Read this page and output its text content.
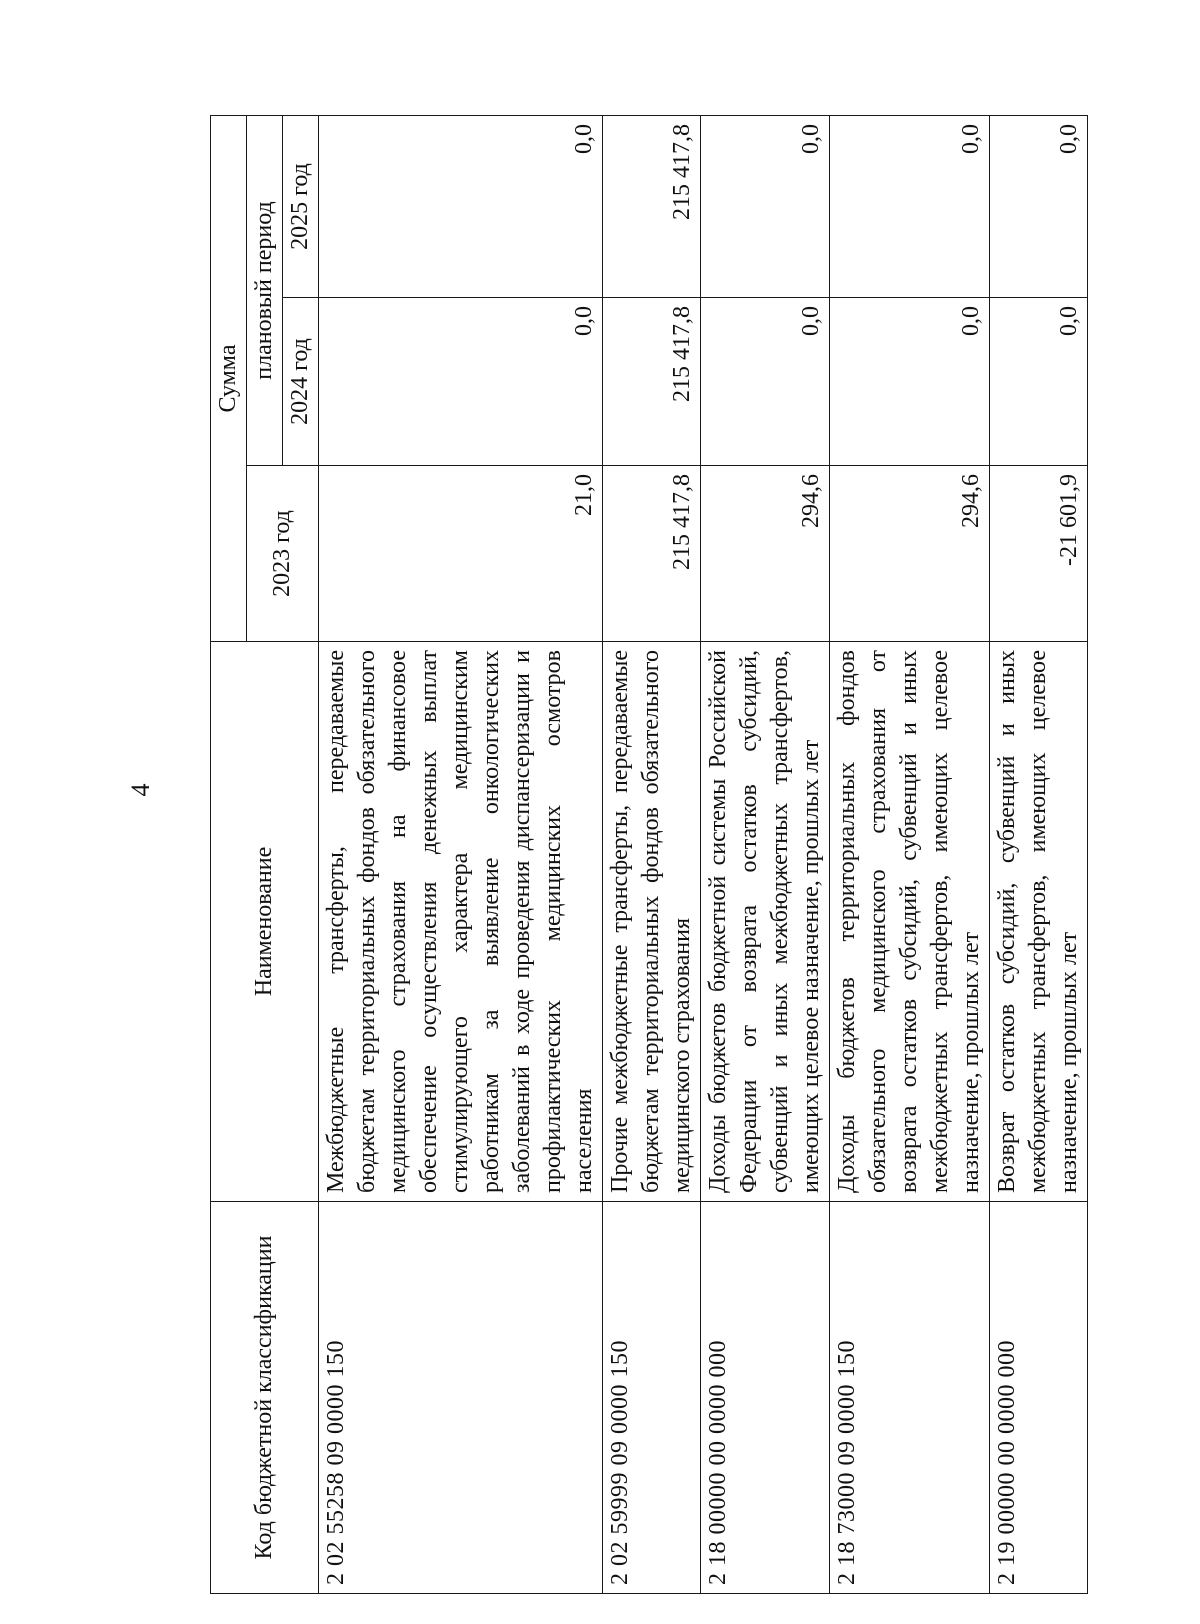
4
Код бюджетной классификации	Наименование	Сумма		
		2023 год	плановый период	
			2024 год	2025 год
2 02 55258 09 0000 150	Межбюджетные трансферты, передаваемые бюджетам территориальных фондов обязательного медицинского страхования на финансовое обеспечение осуществления денежных выплат стимулирующего характера медицинским работникам за выявление онкологических заболеваний в ходе проведения диспансеризации и профилактических медицинских осмотров населения	21,0	0,0	0,0
2 02 59999 09 0000 150	Прочие межбюджетные трансферты, передаваемые бюджетам территориальных фондов обязательного медицинского страхования	215 417,8	215 417,8	215 417,8
2 18 00000 00 0000 000	Доходы бюджетов бюджетной системы Российской Федерации от возврата остатков субсидий, субвенций и иных межбюджетных трансфертов, имеющих целевое назначение, прошлых лет	294,6	0,0	0,0
2 18 73000 09 0000 150	Доходы бюджетов территориальных фондов обязательного медицинского страхования от возврата остатков субсидий, субвенций и иных межбюджетных трансфертов, имеющих целевое назначение, прошлых лет	294,6	0,0	0,0
2 19 00000 00 0000 000	Возврат остатков субсидий, субвенций и иных межбюджетных трансфертов, имеющих целевое назначение, прошлых лет	-21 601,9	0,0	0,0
